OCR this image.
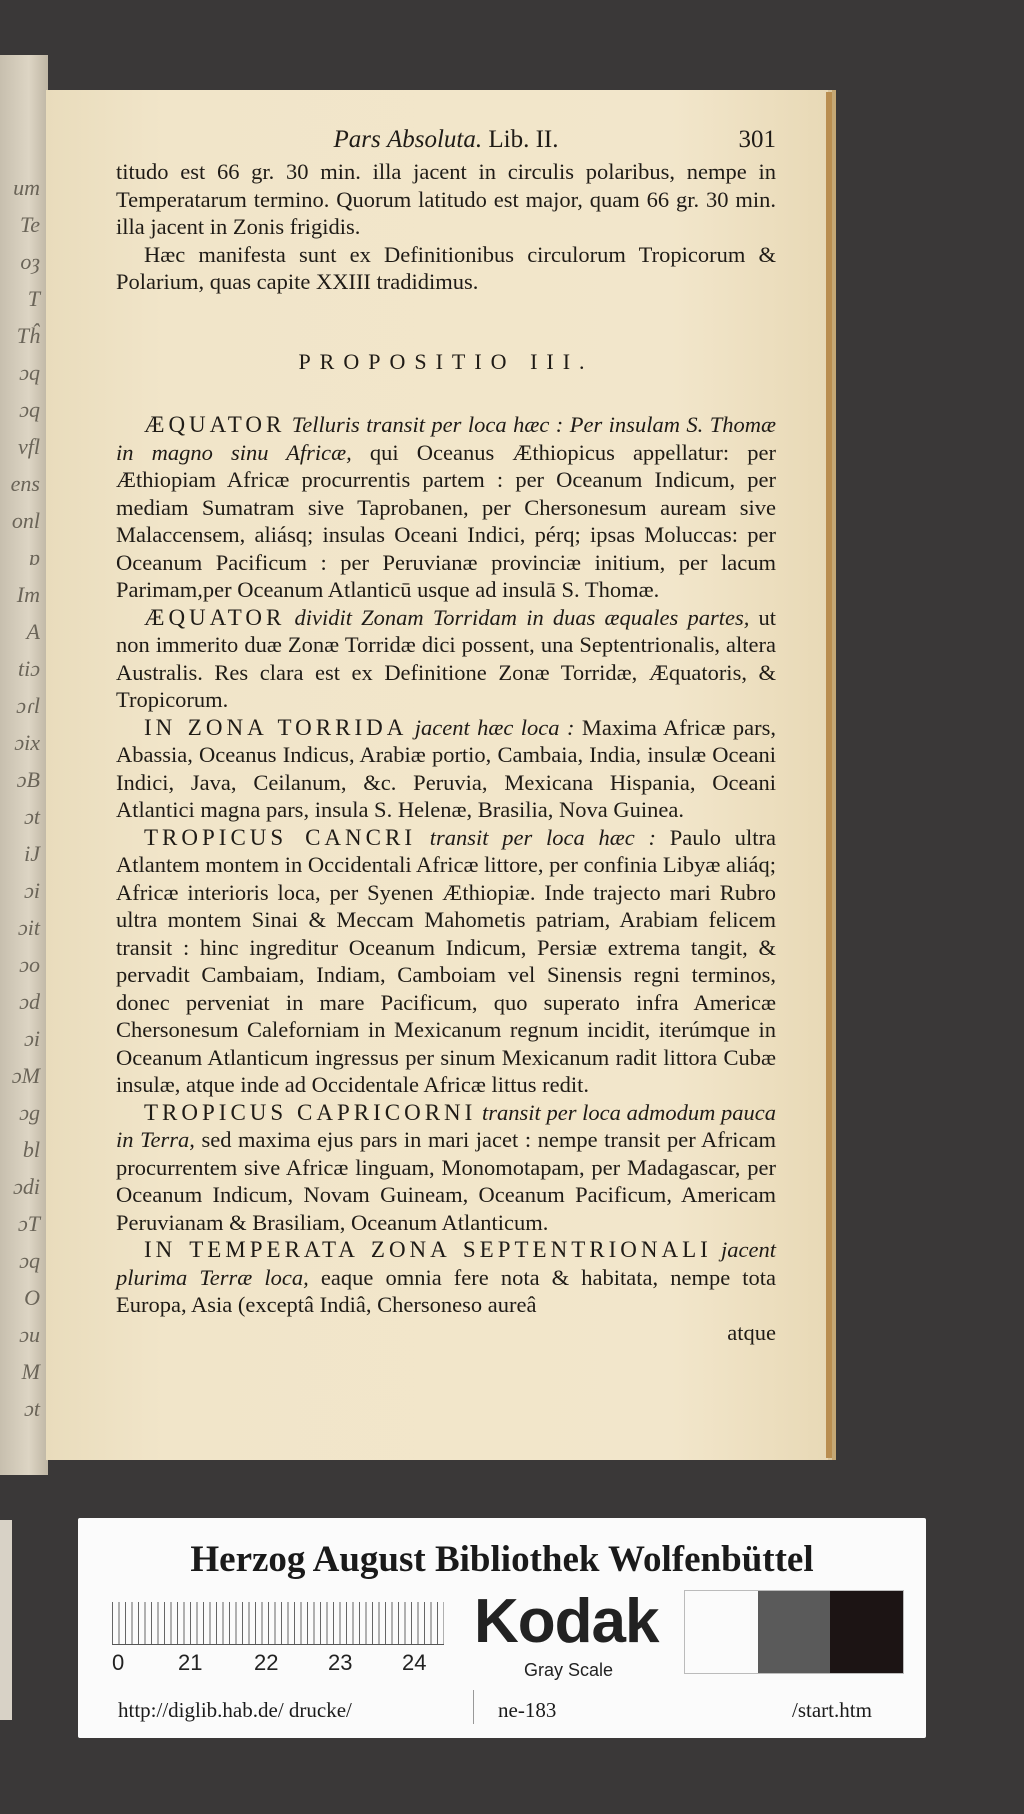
um
Te
oȝ
T
Tĥ
ɔq
ɔq
vfl
ens
onl
ɒ
Im
A
tiɔ
ɔɾl
ɔix
ɔB
ɔt
iJ
ɔi
ɔit
ɔo
ɔd
ɔi
ɔM
ɔg
bl
ɔdi
ɔT
ɔq
O
ɔu
M
ɔt
Pars Absoluta. Lib. II.	301

titudo est 66 gr. 30 min. illa jacent in circulis polaribus, nempe in Temperatarum termino. Quorum latitudo est major, quam 66 gr. 30 min. illa jacent in Zonis frigidis.

Hæc manifesta sunt ex Definitionibus circulorum Tropicorum & Polarium, quas capite XXIII tradidimus.

PROPOSITIO III.

ÆQUATOR Telluris transit per loca hæc : Per insulam S. Thomæ in magno sinu Africæ, qui Oceanus Æthiopicus appellatur: per Æthiopiam Africæ procurrentis partem : per Oceanum Indicum, per mediam Sumatram sive Taprobanen, per Chersonesum auream sive Malaccensem, aliásq; insulas Oceani Indici, pérq; ipsas Moluccas: per Oceanum Pacificum : per Peruvianæ provinciæ initium, per lacum Parimam,per Oceanum Atlanticū usque ad insulā S. Thomæ.

ÆQUATOR dividit Zonam Torridam in duas æquales partes, ut non immerito duæ Zonæ Torridæ dici possent, una Septentrionalis, altera Australis. Res clara est ex Definitione Zonæ Torridæ, Æquatoris, & Tropicorum.

IN ZONA TORRIDA jacent hæc loca : Maxima Africæ pars, Abassia, Oceanus Indicus, Arabiæ portio, Cambaia, India, insulæ Oceani Indici, Java, Ceilanum, &c. Peruvia, Mexicana Hispania, Oceani Atlantici magna pars, insula S. Helenæ, Brasilia, Nova Guinea.

TROPICUS CANCRI transit per loca hæc : Paulo ultra Atlantem montem in Occidentali Africæ littore, per confinia Libyæ aliáq; Africæ interioris loca, per Syenen Æthiopiæ. Inde trajecto mari Rubro ultra montem Sinai & Meccam Mahometis patriam, Arabiam felicem transit : hinc ingreditur Oceanum Indicum, Persiæ extrema tangit, & pervadit Cambaiam, Indiam, Camboiam vel Sinensis regni terminos, donec perveniat in mare Pacificum, quo superato infra Americæ Chersonesum Caleforniam in Mexicanum regnum incidit, iterúmque in Oceanum Atlanticum ingressus per sinum Mexicanum radit littora Cubæ insulæ, atque inde ad Occidentale Africæ littus redit.

TROPICUS CAPRICORNI transit per loca admodum pauca in Terra, sed maxima ejus pars in mari jacet : nempe transit per Africam procurrentem sive Africæ linguam, Monomotapam, per Madagascar, per Oceanum Indicum, Novam Guineam, Oceanum Pacificum, Americam Peruvianam & Brasiliam, Oceanum Atlanticum.

IN TEMPERATA ZONA SEPTENTRIONALI jacent plurima Terræ loca, eaque omnia fere nota & habitata, nempe tota Europa, Asia (exceptâ Indiâ, Chersoneso aureâ

atque

Herzog August Bibliothek Wolfenbüttel
0 21 22 23 24
Kodak
Gray Scale
http://diglib.hab.de/ drucke/	ne-183	/start.htm
